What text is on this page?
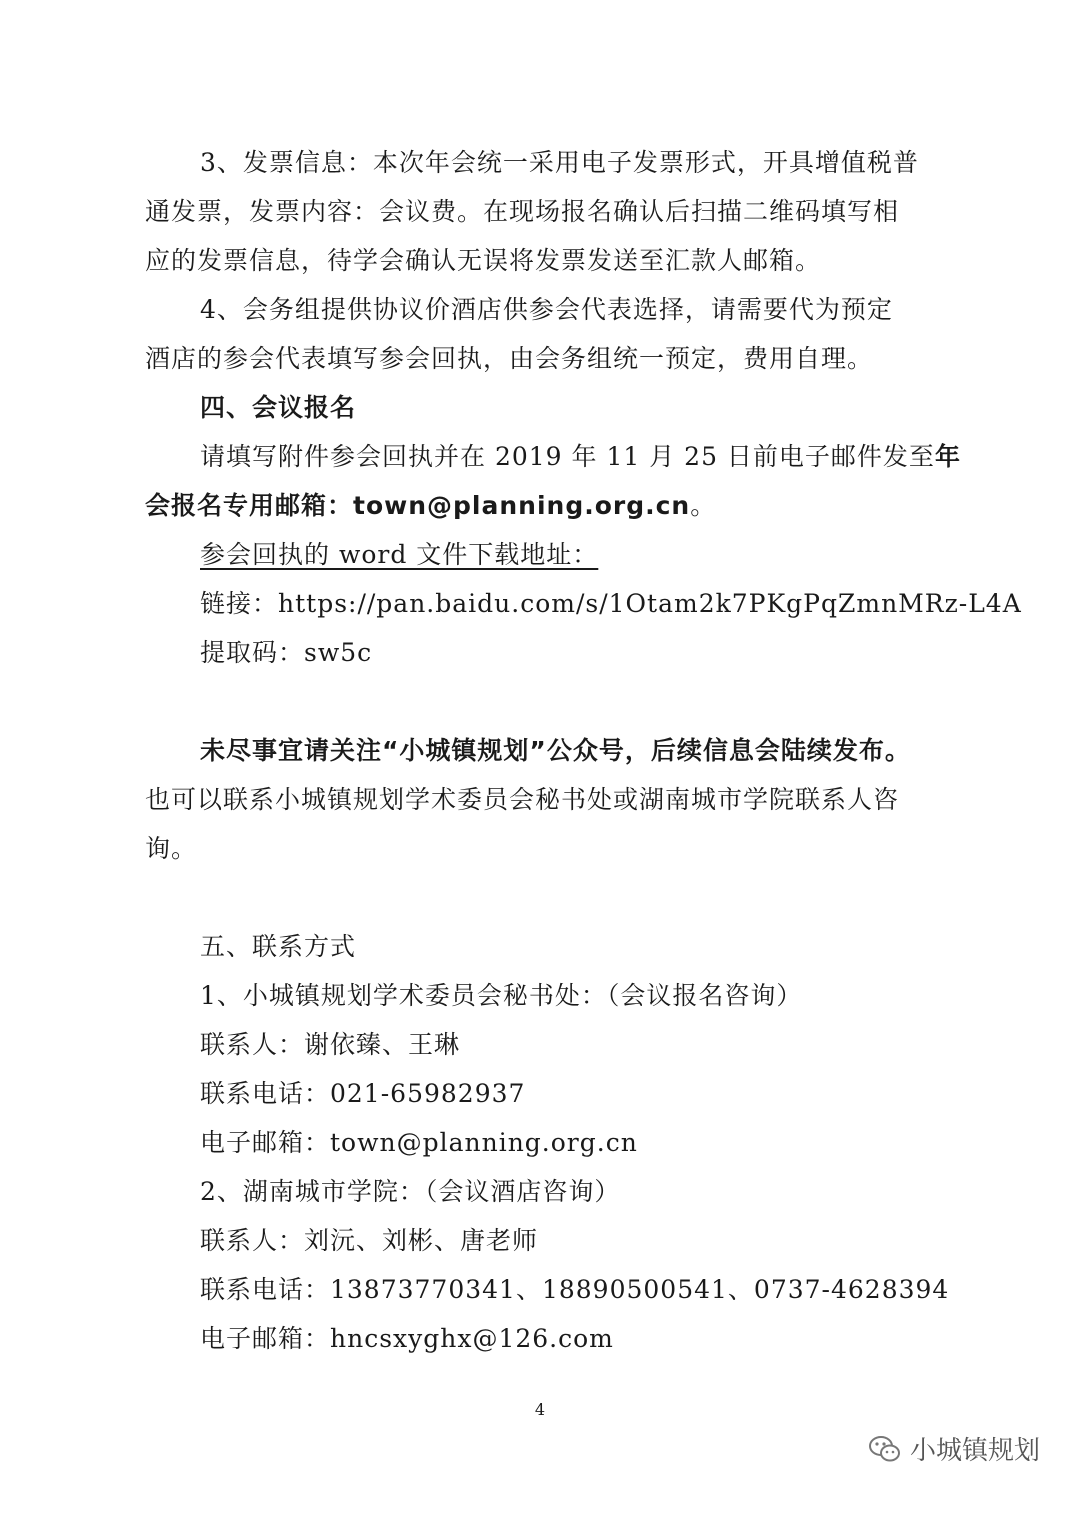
3、发票信息：本次年会统一采用电子发票形式，开具增值税普
通发票，发票内容：会议费。在现场报名确认后扫描二维码填写相
应的发票信息，待学会确认无误将发票发送至汇款人邮箱。
4、会务组提供协议价酒店供参会代表选择，请需要代为预定
酒店的参会代表填写参会回执，由会务组统一预定，费用自理。
四、会议报名
请填写附件参会回执并在 2019 年 11 月 25 日前电子邮件发至年
会报名专用邮箱：town@planning.org.cn。
参会回执的 word 文件下载地址：
链接：https://pan.baidu.com/s/1Otam2k7PKgPqZmnMRz-L4A
提取码：sw5c
未尽事宜请关注“小城镇规划”公众号，后续信息会陆续发布。
也可以联系小城镇规划学术委员会秘书处或湖南城市学院联系人咨
询。
五、联系方式
1、小城镇规划学术委员会秘书处：（会议报名咨询）
联系人：谢依臻、王琳
联系电话：021-65982937
电子邮箱：town@planning.org.cn
2、湖南城市学院：（会议酒店咨询）
联系人：刘沅、刘彬、唐老师
联系电话：13873770341、18890500541、0737-4628394
电子邮箱：hncsxyghx@126.com
4
小城镇规划
